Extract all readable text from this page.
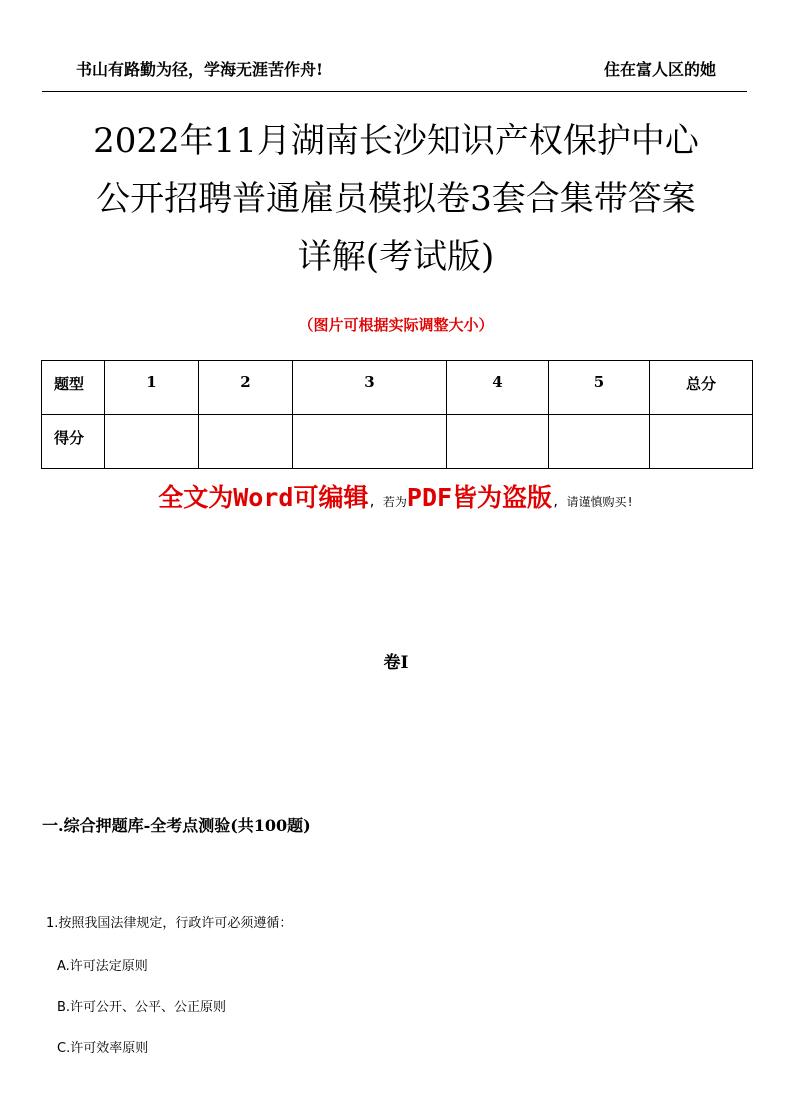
书山有路勤为径，学海无涯苦作舟!	住在富人区的她
2022年11月湖南长沙知识产权保护中心
公开招聘普通雇员模拟卷3套合集带答案
详解(考试版)
（图片可根据实际调整大小）
题型	1	2	3	4	5	总分
得分						
全文为Word可编辑, 若为PDF皆为盗版, 请谨慎购买!
卷I
一.综合押题库-全考点测验(共100题)
1.按照我国法律规定，行政许可必须遵循：
A.许可法定原则
B.许可公开、公平、公正原则
C.许可效率原则
